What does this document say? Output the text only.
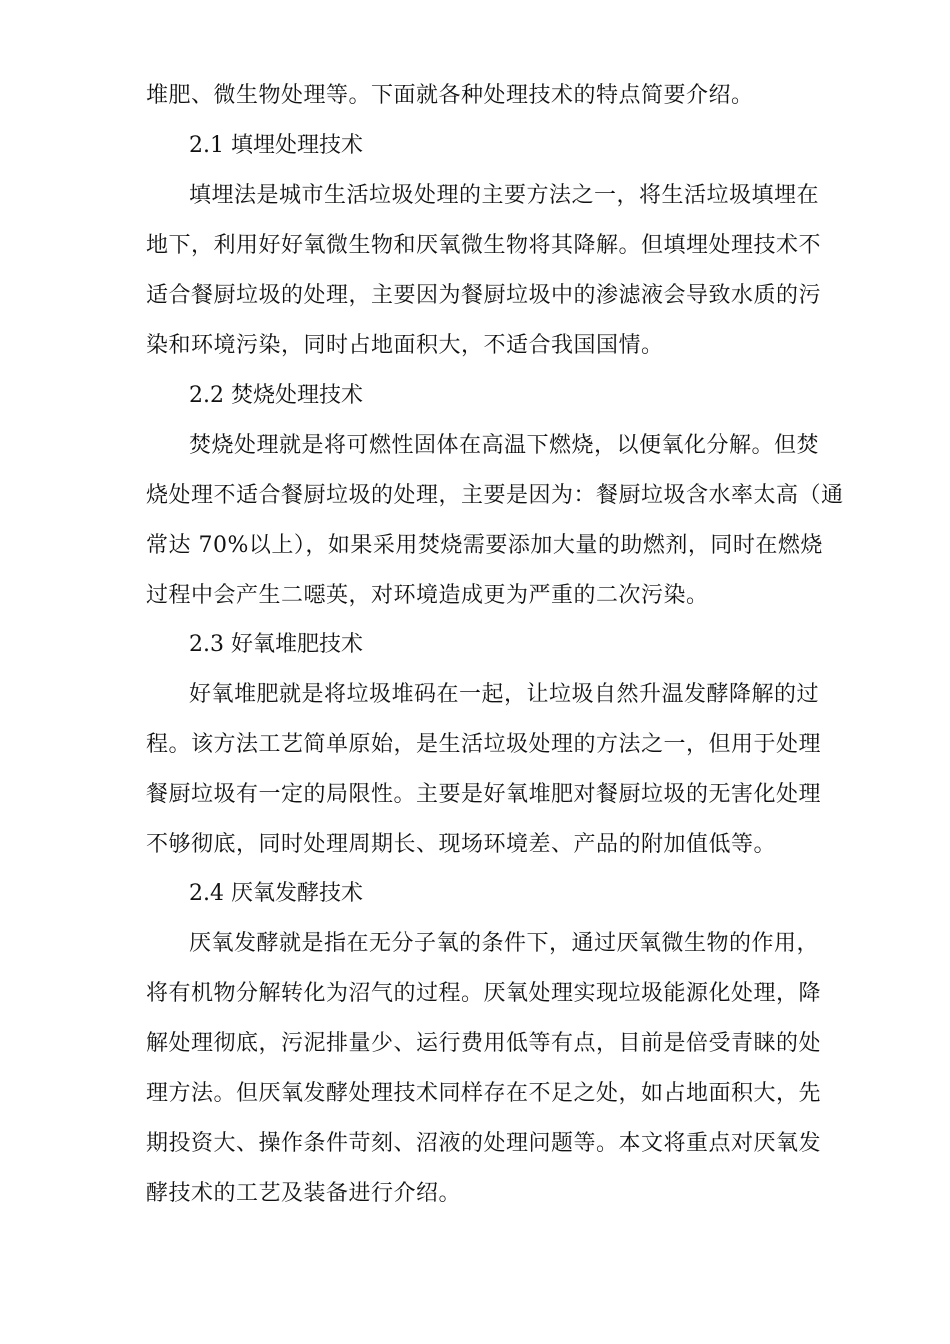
堆肥、微生物处理等。下面就各种处理技术的特点简要介绍。
2.1 填埋处理技术
填埋法是城市生活垃圾处理的主要方法之一，将生活垃圾填埋在
地下，利用好好氧微生物和厌氧微生物将其降解。但填埋处理技术不
适合餐厨垃圾的处理，主要因为餐厨垃圾中的渗滤液会导致水质的污
染和环境污染，同时占地面积大，不适合我国国情。
2.2 焚烧处理技术
焚烧处理就是将可燃性固体在高温下燃烧，以便氧化分解。但焚
烧处理不适合餐厨垃圾的处理，主要是因为：餐厨垃圾含水率太高（通
常达 70%以上），如果采用焚烧需要添加大量的助燃剂，同时在燃烧
过程中会产生二噁英，对环境造成更为严重的二次污染。
2.3 好氧堆肥技术
好氧堆肥就是将垃圾堆码在一起，让垃圾自然升温发酵降解的过
程。该方法工艺简单原始，是生活垃圾处理的方法之一，但用于处理
餐厨垃圾有一定的局限性。主要是好氧堆肥对餐厨垃圾的无害化处理
不够彻底，同时处理周期长、现场环境差、产品的附加值低等。
2.4 厌氧发酵技术
厌氧发酵就是指在无分子氧的条件下，通过厌氧微生物的作用，
将有机物分解转化为沼气的过程。厌氧处理实现垃圾能源化处理，降
解处理彻底，污泥排量少、运行费用低等有点，目前是倍受青睐的处
理方法。但厌氧发酵处理技术同样存在不足之处，如占地面积大，先
期投资大、操作条件苛刻、沼液的处理问题等。本文将重点对厌氧发
酵技术的工艺及装备进行介绍。
